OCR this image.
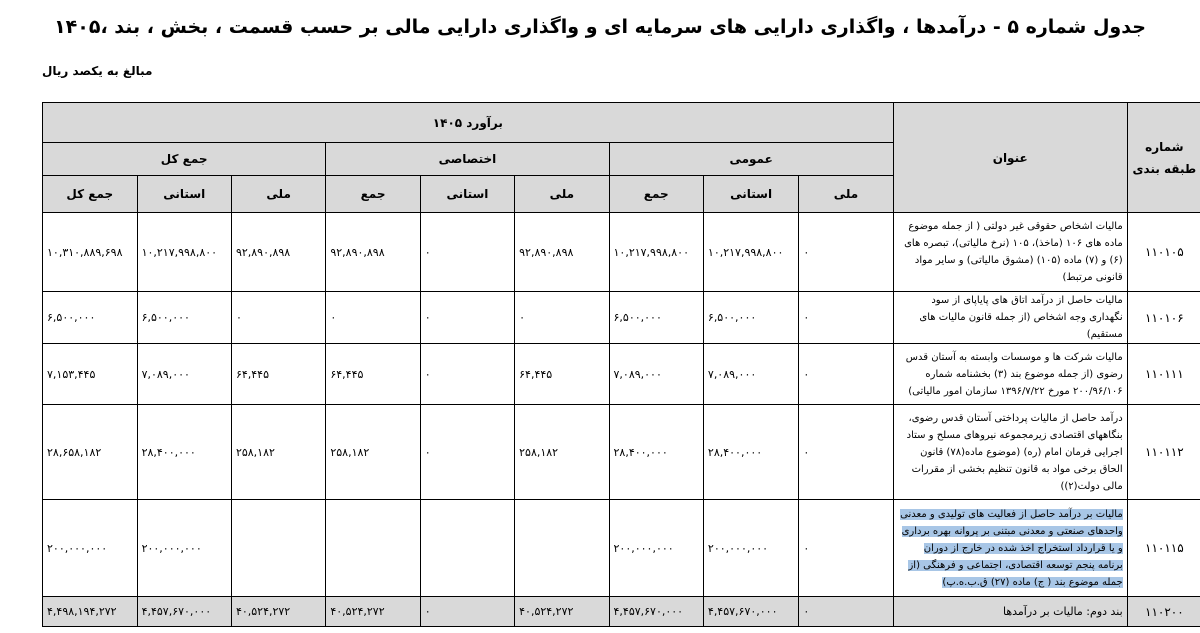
جدول شماره ۵ - درآمدها ، واگذاری دارایی های سرمایه ای و واگذاری دارایی مالی بر حسب قسمت ، بخش ، بند ،۱۴۰۵
مبالغ به یکصد ریال
شماره طبقه بندی	عنوان	برآورد ۱۴۰۵								
		عمومی			اختصاصی			جمع کل		
		ملی	استانی	جمع	ملی	استانی	جمع	ملی	استانی	جمع کل
۱۱۰۱۰۵	مالیات اشخاص حقوقی غیر دولتی ( از جمله موضوع ماده های ۱۰۶ (ماخذ)، ۱۰۵ (نرخ مالیاتی)، تبصره های (۶) و (۷) ماده (۱۰۵) (مشوق مالیاتی) و سایر مواد قانونی مرتبط)	۰	۱۰,۲۱۷,۹۹۸,۸۰۰	۱۰,۲۱۷,۹۹۸,۸۰۰	۹۲,۸۹۰,۸۹۸	۰	۹۲,۸۹۰,۸۹۸	۹۲,۸۹۰,۸۹۸	۱۰,۲۱۷,۹۹۸,۸۰۰	۱۰,۳۱۰,۸۸۹,۶۹۸
۱۱۰۱۰۶	مالیات حاصل از درآمد اتاق های پایاپای از سود نگهداری وجه اشخاص (از جمله قانون مالیات های مستقیم)	۰	۶,۵۰۰,۰۰۰	۶,۵۰۰,۰۰۰	۰	۰	۰	۰	۶,۵۰۰,۰۰۰	۶,۵۰۰,۰۰۰
۱۱۰۱۱۱	مالیات شرکت ها و موسسات وابسته به آستان قدس رضوی (از جمله موضوع بند (۳) بخشنامه شماره ۲۰۰/۹۶/۱۰۶ مورخ ۱۳۹۶/۷/۲۲ سازمان امور مالیاتی)	۰	۷,۰۸۹,۰۰۰	۷,۰۸۹,۰۰۰	۶۴,۴۴۵	۰	۶۴,۴۴۵	۶۴,۴۴۵	۷,۰۸۹,۰۰۰	۷,۱۵۳,۴۴۵
۱۱۰۱۱۲	درآمد حاصل از مالیات پرداختی آستان قدس رضوی، بنگاههای اقتصادی زیرمجموعه نیروهای مسلح و ستاد اجرایی فرمان امام (ره) (موضوع ماده(۷۸) قانون الحاق برخی مواد به قانون تنظیم بخشی از مقررات مالی دولت(۲))	۰	۲۸,۴۰۰,۰۰۰	۲۸,۴۰۰,۰۰۰	۲۵۸,۱۸۲	۰	۲۵۸,۱۸۲	۲۵۸,۱۸۲	۲۸,۴۰۰,۰۰۰	۲۸,۶۵۸,۱۸۲
۱۱۰۱۱۵	مالیات بر درآمد حاصل از فعالیت های تولیدی و معدنی واحدهای صنعتی و معدنی مبتنی بر پروانه بهره برداری و یا قرارداد استخراج اخذ شده در خارج از دوران برنامه پنجم توسعه اقتصادی، اجتماعی و فرهنگی (از جمله موضوع بند ( ج) ماده (۲۷) ق.ب.ه.پ)	۰	۲۰۰,۰۰۰,۰۰۰	۲۰۰,۰۰۰,۰۰۰					۲۰۰,۰۰۰,۰۰۰	۲۰۰,۰۰۰,۰۰۰
۱۱۰۲۰۰	بند دوم: مالیات بر درآمدها	۰	۴,۴۵۷,۶۷۰,۰۰۰	۴,۴۵۷,۶۷۰,۰۰۰	۴۰,۵۲۴,۲۷۲	۰	۴۰,۵۲۴,۲۷۲	۴۰,۵۲۴,۲۷۲	۴,۴۵۷,۶۷۰,۰۰۰	۴,۴۹۸,۱۹۴,۲۷۲
